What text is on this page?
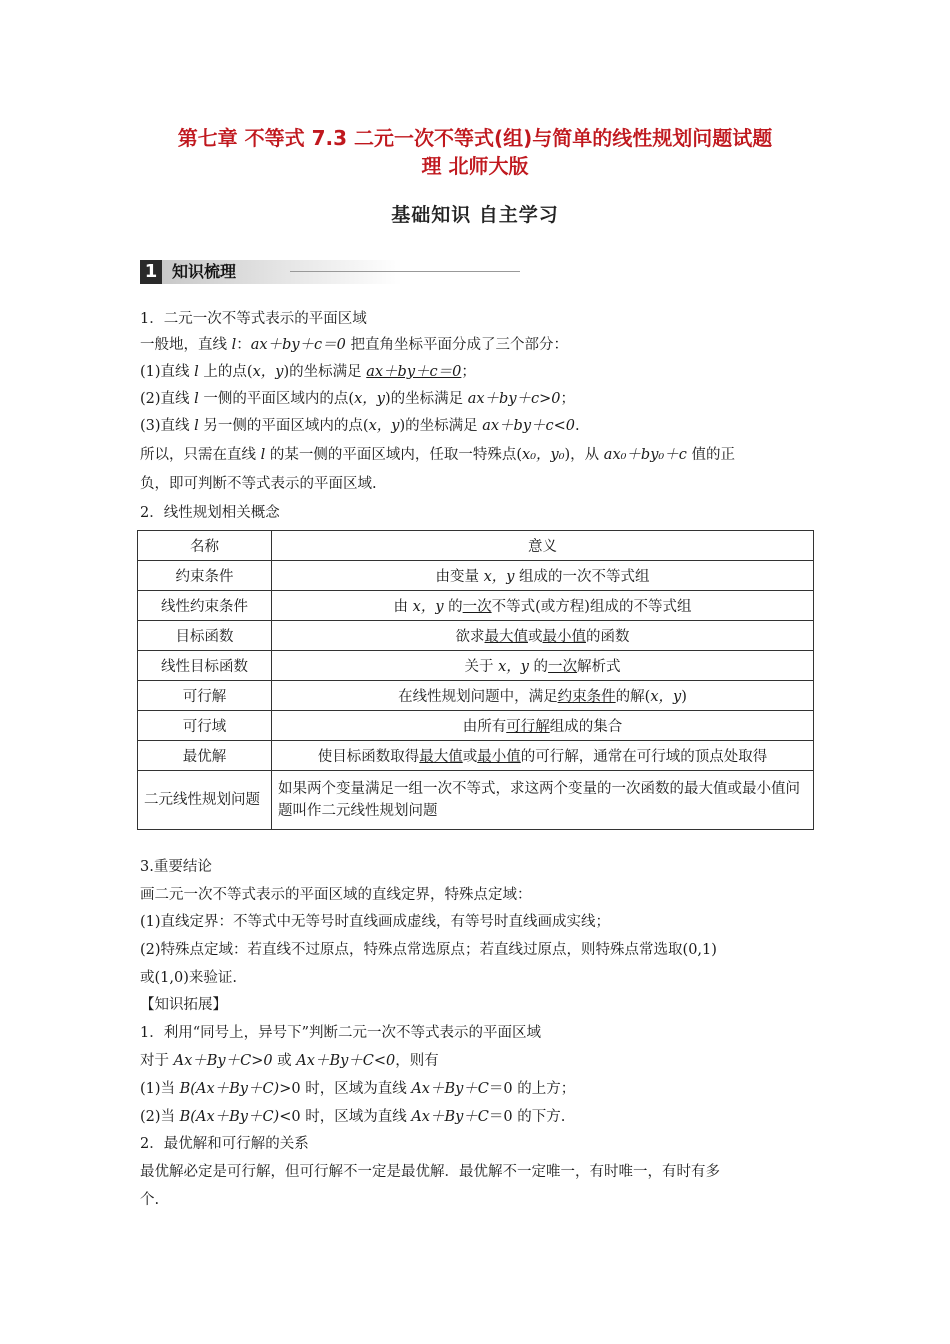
第七章 不等式 7.3 二元一次不等式(组)与简单的线性规划问题试题
理 北师大版
基础知识 自主学习
1 知识梳理
1．二元一次不等式表示的平面区域
一般地，直线 l：ax＋by＋c＝0 把直角坐标平面分成了三个部分：
(1)直线 l 上的点(x，y)的坐标满足 ax＋by＋c＝0；
(2)直线 l 一侧的平面区域内的点(x，y)的坐标满足 ax＋by＋c>0；
(3)直线 l 另一侧的平面区域内的点(x，y)的坐标满足 ax＋by＋c<0.
所以，只需在直线 l 的某一侧的平面区域内，任取一特殊点(x₀，y₀)，从 ax₀＋by₀＋c 值的正
负，即可判断不等式表示的平面区域.
2．线性规划相关概念
名称	意义
约束条件	由变量 x，y 组成的一次不等式组
线性约束条件	由 x，y 的一次不等式(或方程)组成的不等式组
目标函数	欲求最大值或最小值的函数
线性目标函数	关于 x，y 的一次解析式
可行解	在线性规划问题中，满足约束条件的解(x，y)
可行域	由所有可行解组成的集合
最优解	使目标函数取得最大值或最小值的可行解，通常在可行域的顶点处取得
二元线性规划问题	如果两个变量满足一组一次不等式，求这两个变量的一次函数的最大值或最小值问题叫作二元线性规划问题
3.重要结论
画二元一次不等式表示的平面区域的直线定界，特殊点定域：
(1)直线定界：不等式中无等号时直线画成虚线，有等号时直线画成实线；
(2)特殊点定域：若直线不过原点，特殊点常选原点；若直线过原点，则特殊点常选取(0,1)
或(1,0)来验证.
【知识拓展】
1．利用“同号上，异号下”判断二元一次不等式表示的平面区域
对于 Ax＋By＋C>0 或 Ax＋By＋C<0，则有
(1)当 B(Ax＋By＋C)>0 时，区域为直线 Ax＋By＋C＝0 的上方；
(2)当 B(Ax＋By＋C)<0 时，区域为直线 Ax＋By＋C＝0 的下方.
2．最优解和可行解的关系
最优解必定是可行解，但可行解不一定是最优解．最优解不一定唯一，有时唯一，有时有多
个.
